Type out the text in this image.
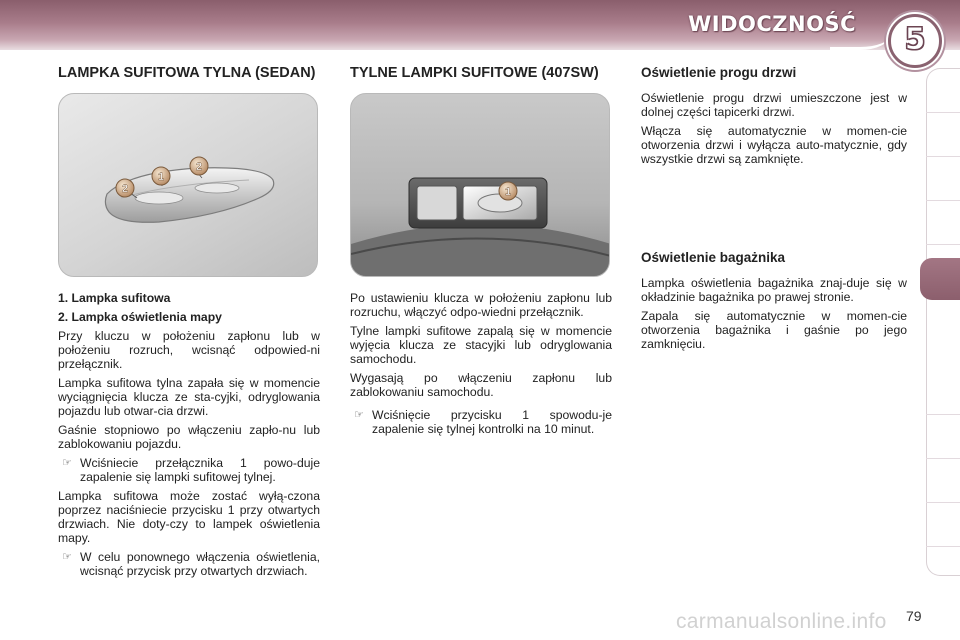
WIDOCZNOŚĆ	5
LAMPKA SUFITOWA TYLNA (SEDAN)
2
1
2

1. Lampka sufitowa

2. Lampka oświetlenia mapy

Przy kluczu w położeniu zapłonu lub w położeniu rozruch, wcisnąć odpowied-ni przełącznik.

Lampka sufitowa tylna zapała się w momencie wyciągnięcia klucza ze sta-cyjki, odryglowania pojazdu lub otwar-cia drzwi.

Gaśnie stopniowo po włączeniu zapło-nu lub zablokowaniu pojazdu.

☞ Wciśniecie przełącznika 1 powo-duje zapalenie się lampki sufitowej tylnej.

Lampka sufitowa może zostać wyłą-czona poprzez naciśniecie przycisku 1 przy otwartych drzwiach. Nie doty-czy to lampek oświetlenia mapy.

☞ W celu ponownego włączenia oświetlenia, wcisnąć przycisk przy otwartych drzwiach.
TYLNE LAMPKI SUFITOWE (407SW)
1

Po ustawieniu klucza w położeniu zapłonu lub rozruchu, włączyć odpo-wiedni przełącznik.

Tylne lampki sufitowe zapalą się w momencie wyjęcia klucza ze stacyjki lub odryglowania samochodu.

Wygasają po włączeniu zapłonu lub zablokowaniu samochodu.

☞ Wciśnięcie przycisku 1 spowodu-je zapalenie się tylnej kontrolki na 10 minut.
Oświetlenie progu drzwi

Oświetlenie progu drzwi umieszczone jest w dolnej części tapicerki drzwi.

Włącza się automatycznie w momen-cie otworzenia drzwi i wyłącza auto-matycznie, gdy wszystkie drzwi są zamknięte.

Oświetlenie bagażnika

Lampka oświetlenia bagażnika znaj-duje się w okładzinie bagażnika po prawej stronie.

Zapala się automatycznie w momen-cie otworzenia bagażnika i gaśnie po jego zamknięciu.

carmanualsonline.info 79
